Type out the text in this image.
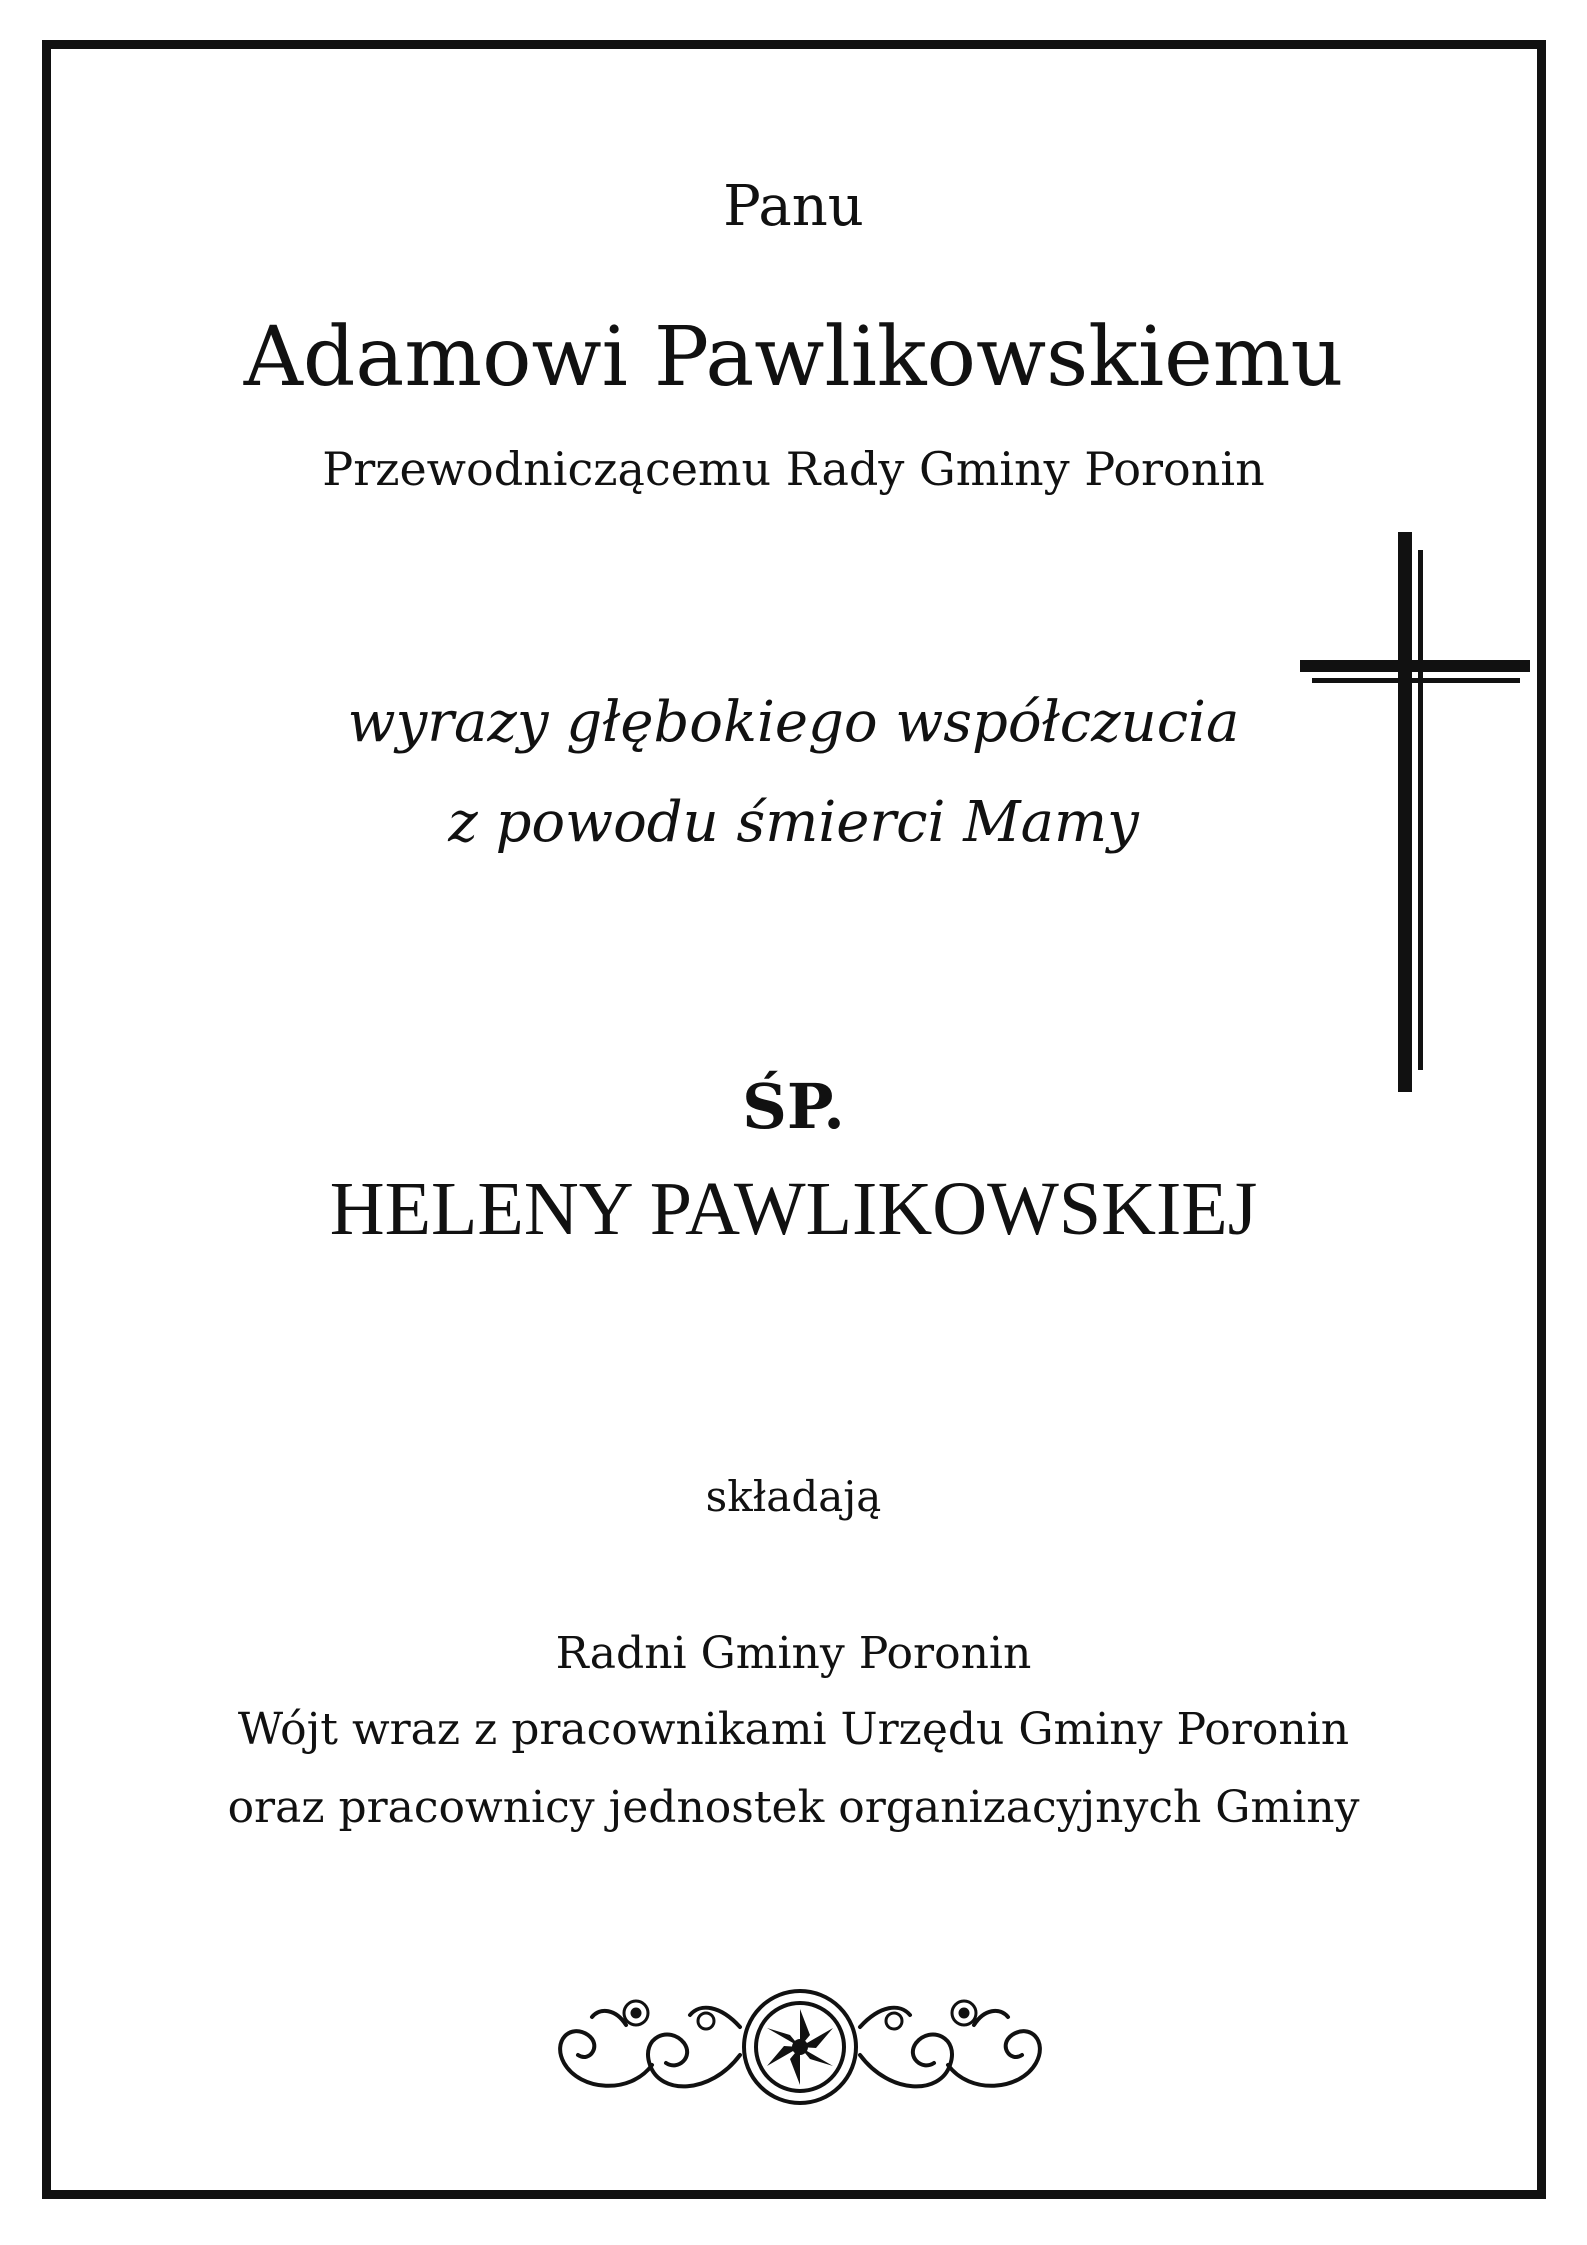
Panu
Adamowi Pawlikowskiemu
Przewodniczącemu Rady Gminy Poronin
wyrazy głębokiego współczucia
z powodu śmierci Mamy
ŚP.
HELENY PAWLIKOWSKIEJ
składają
Radni Gminy Poronin
Wójt wraz z pracownikami Urzędu Gminy Poronin
oraz pracownicy jednostek organizacyjnych Gminy
